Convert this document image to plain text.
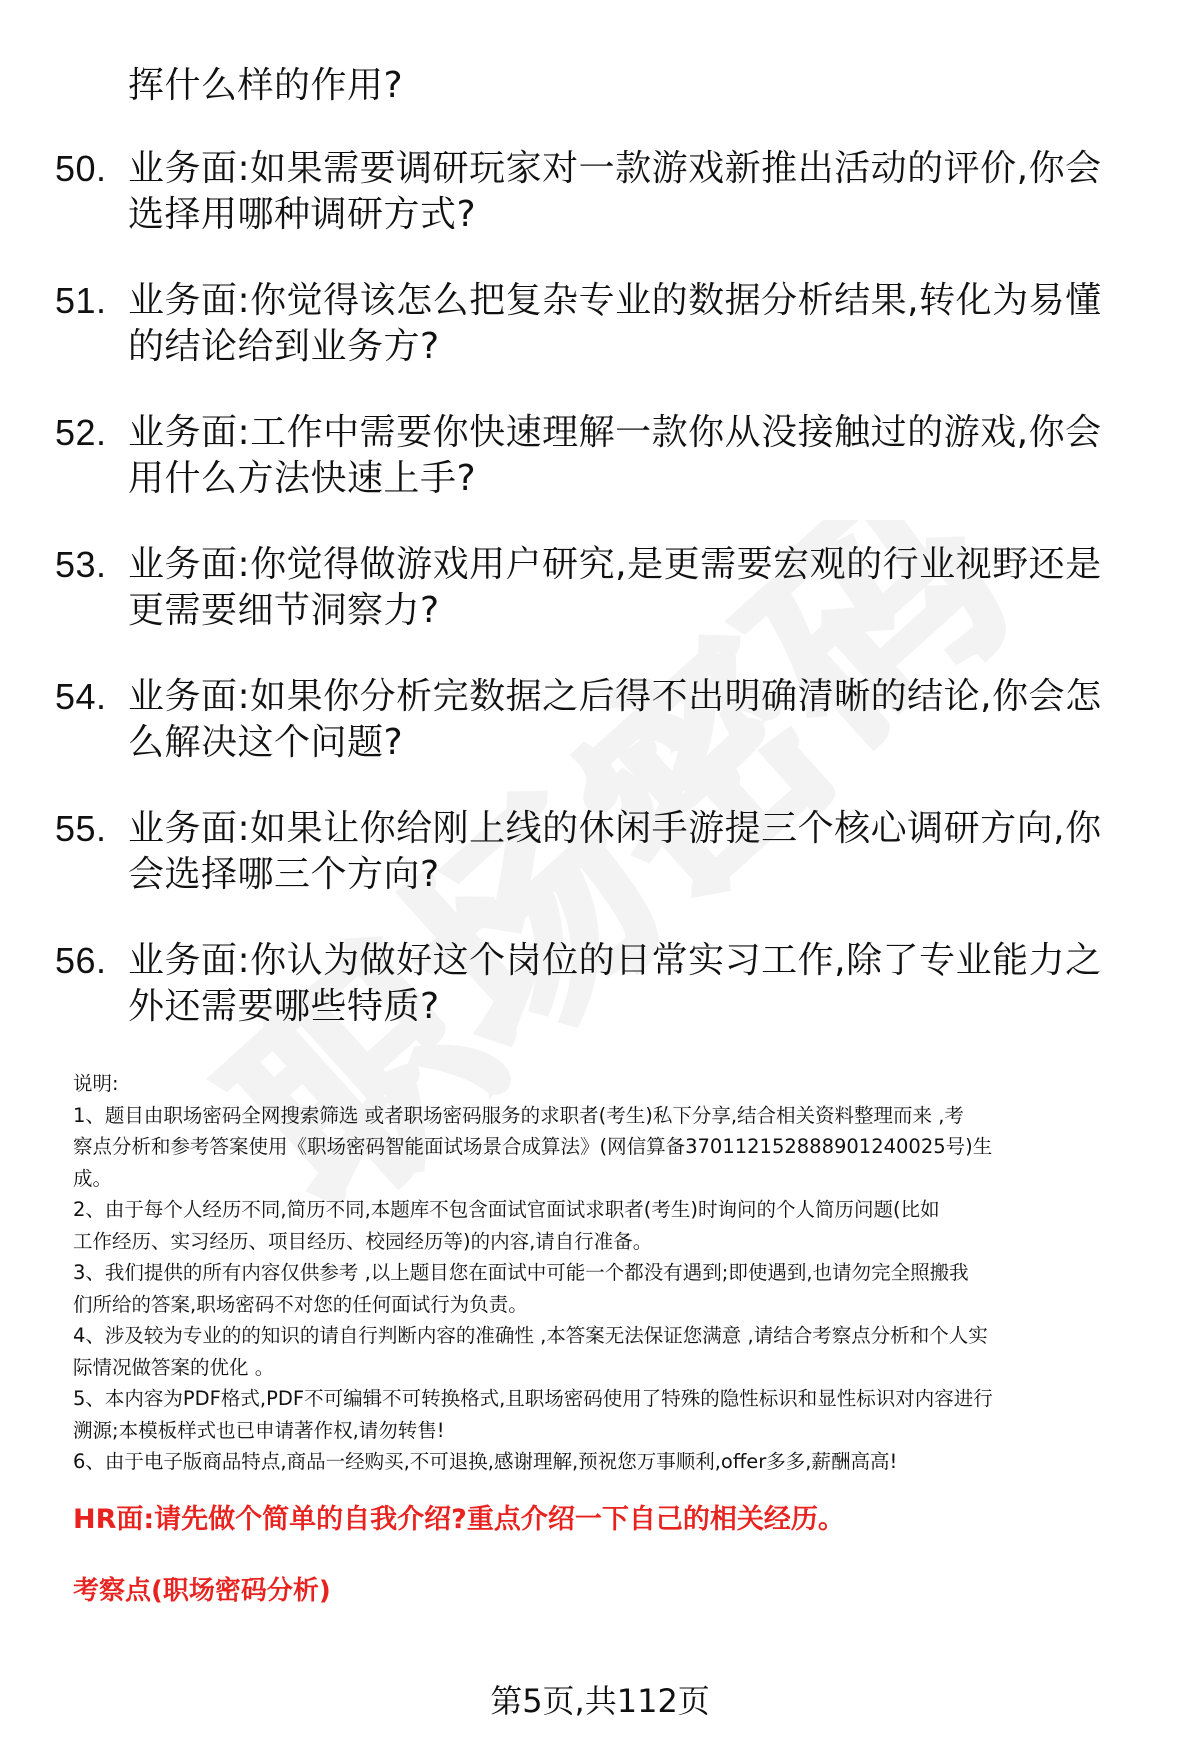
挥什么样的作用?
50. 业务面:如果需要调研玩家对一款游戏新推出活动的评价,你会
选择用哪种调研方式?
51. 业务面:你觉得该怎么把复杂专业的数据分析结果,转化为易懂
的结论给到业务方?
52. 业务面:工作中需要你快速理解一款你从没接触过的游戏,你会
用什么方法快速上手?
53. 业务面:你觉得做游戏用户研究,是更需要宏观的行业视野还是
更需要细节洞察力?
54. 业务面:如果你分析完数据之后得不出明确清晰的结论,你会怎
么解决这个问题?
55. 业务面:如果让你给刚上线的休闲手游提三个核心调研方向,你
会选择哪三个方向?
56. 业务面:你认为做好这个岗位的日常实习工作,除了专业能力之
外还需要哪些特质?

说明:

1、题目由职场密码全网搜索筛选 或者职场密码服务的求职者(考生)私下分享,结合相关资料整理而来 ,考

察点分析和参考答案使用《职场密码智能面试场景合成算法》(网信算备370112152888901240025号)生

成。

2、由于每个人经历不同,简历不同,本题库不包含面试官面试求职者(考生)时询问的个人简历问题(比如

工作经历、实习经历、项目经历、校园经历等)的内容,请自行准备。

3、我们提供的所有内容仅供参考 ,以上题目您在面试中可能一个都没有遇到;即使遇到,也请勿完全照搬我

们所给的答案,职场密码不对您的任何面试行为负责。

4、涉及较为专业的的知识的请自行判断内容的准确性 ,本答案无法保证您满意 ,请结合考察点分析和个人实

际情况做答案的优化 。

5、本内容为PDF格式,PDF不可编辑不可转换格式,且职场密码使用了特殊的隐性标识和显性标识对内容进行

溯源;本模板样式也已申请著作权,请勿转售!

6、由于电子版商品特点,商品一经购买,不可退换,感谢理解,预祝您万事顺利,offer多多,薪酬高高!

HR面:请先做个简单的自我介绍?重点介绍一下自己的相关经历。
考察点(职场密码分析)
第5页,共112页
